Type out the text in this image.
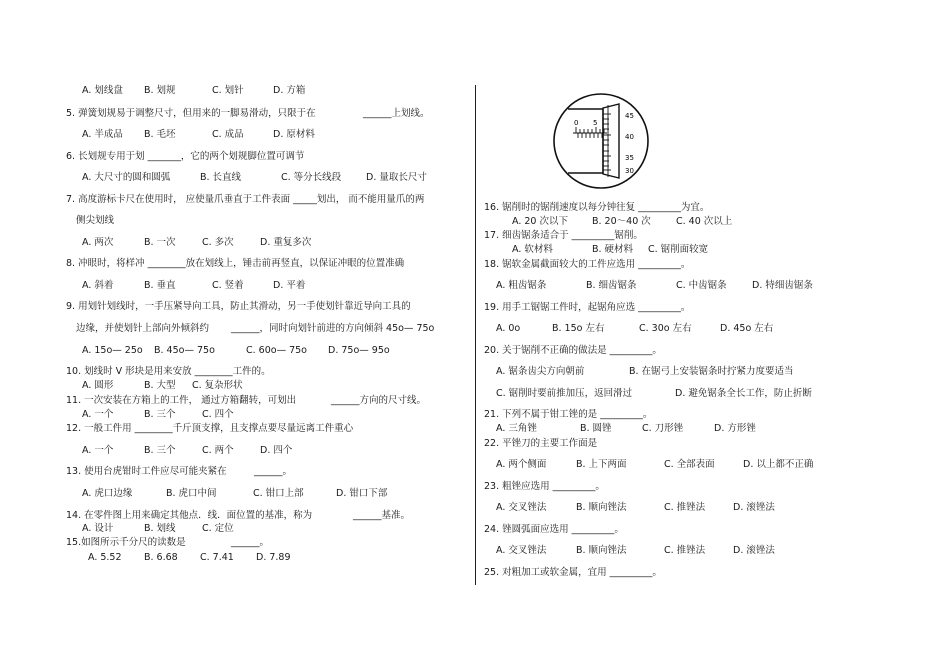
A. 划线盘 B. 划规	C. 划针	D. 方箱
5. 弹簧划规易于调整尺寸，但用来的一脚易滑动，只限于在	______上划线。
A. 半成品 B. 毛坯	C. 成品	D. 原材料
6. 长划规专用于划 _______，它的两个划规脚位置可调节
A. 大尺寸的圆和圆弧	B. 长直线	C. 等分长线段	D. 量取长尺寸
7. 高度游标卡尺在使用时， 应使量爪垂直于工件表面 _____划出， 而不能用量爪的两
侧尖划线
A. 两次	B. 一次	C. 多次	D. 重复多次
8. 冲眼时，将样冲 ________放在划线上，锤击前再竖直，以保证冲眼的位置准确
A. 斜着	B. 垂直	C. 竖着	D. 平着
9. 用划针划线时，一手压紧导向工具，防止其滑动，另一手使划针靠近导向工具的
边缘，并使划针上部向外倾斜约 ______，同时向划针前进的方向倾斜 45o— 75o
A. 15o— 25o B. 45o— 75o	C. 60o— 75o D. 75o— 95o
10. 划线时 V 形块是用来安放 ________工件的。
A. 圆形	B. 大型 C. 复杂形状
11. 一次安装在方箱上的工件， 通过方箱翻转，可划出	______方向的尺寸线。
A. 一个	B. 三个	C. 四个
12. 一般工件用 ________千斤顶支撑，且支撑点要尽量远离工件重心
A. 一个	B. 三个	C. 两个	D. 四个
13. 使用台虎钳时工件应尽可能夹紧在	______。
A. 虎口边缘	B. 虎口中间	C. 钳口上部	D. 钳口下部
14. 在零件图上用来确定其他点．线．面位置的基准，称为	______基准。
A. 设计	B. 划线	C. 定位
15.如图所示千分尺的读数是	______。
A. 5.52 B. 6.68 C. 7.41 D. 7.89
16. 锯削时的锯削速度以每分钟往复 _________为宜。
A. 20 次以下	B. 20～40 次	C. 40 次以上
17. 细齿锯条适合于 _________锯削。
A. 软材料	B. 硬材料 C. 锯削面较宽
18. 锯软金属截面较大的工件应选用 _________。
A. 粗齿锯条	B. 细齿锯条	C. 中齿锯条	D. 特细齿锯条
19. 用手工锯锯工件时，起锯角应选 _________。
A. 0o	B. 15o 左右	C. 30o 左右	D. 45o 左右
20. 关于锯削不正确的做法是 _________。
A. 锯条齿尖方向朝前	B. 在锯弓上安装锯条时拧紧力度要适当
C. 锯削时要前推加压，返回滑过	D. 避免锯条全长工作，防止折断
21. 下列不属于钳工锉的是 _________。
A. 三角锉	B. 圆锉	C. 刀形锉	D. 方形锉
22. 平锉刀的主要工作面是
A. 两个侧面	B. 上下两面	C. 全部表面	D. 以上都不正确
23. 粗锉应选用 _________。
A. 交叉锉法	B. 顺向锉法	C. 推锉法	D. 滚锉法
24. 锉圆弧面应选用 _________。
A. 交叉锉法	B. 顺向锉法	C. 推锉法	D. 滚锉法
25. 对粗加工或软金属，宜用 _________。
0 5
45
40
35
30
